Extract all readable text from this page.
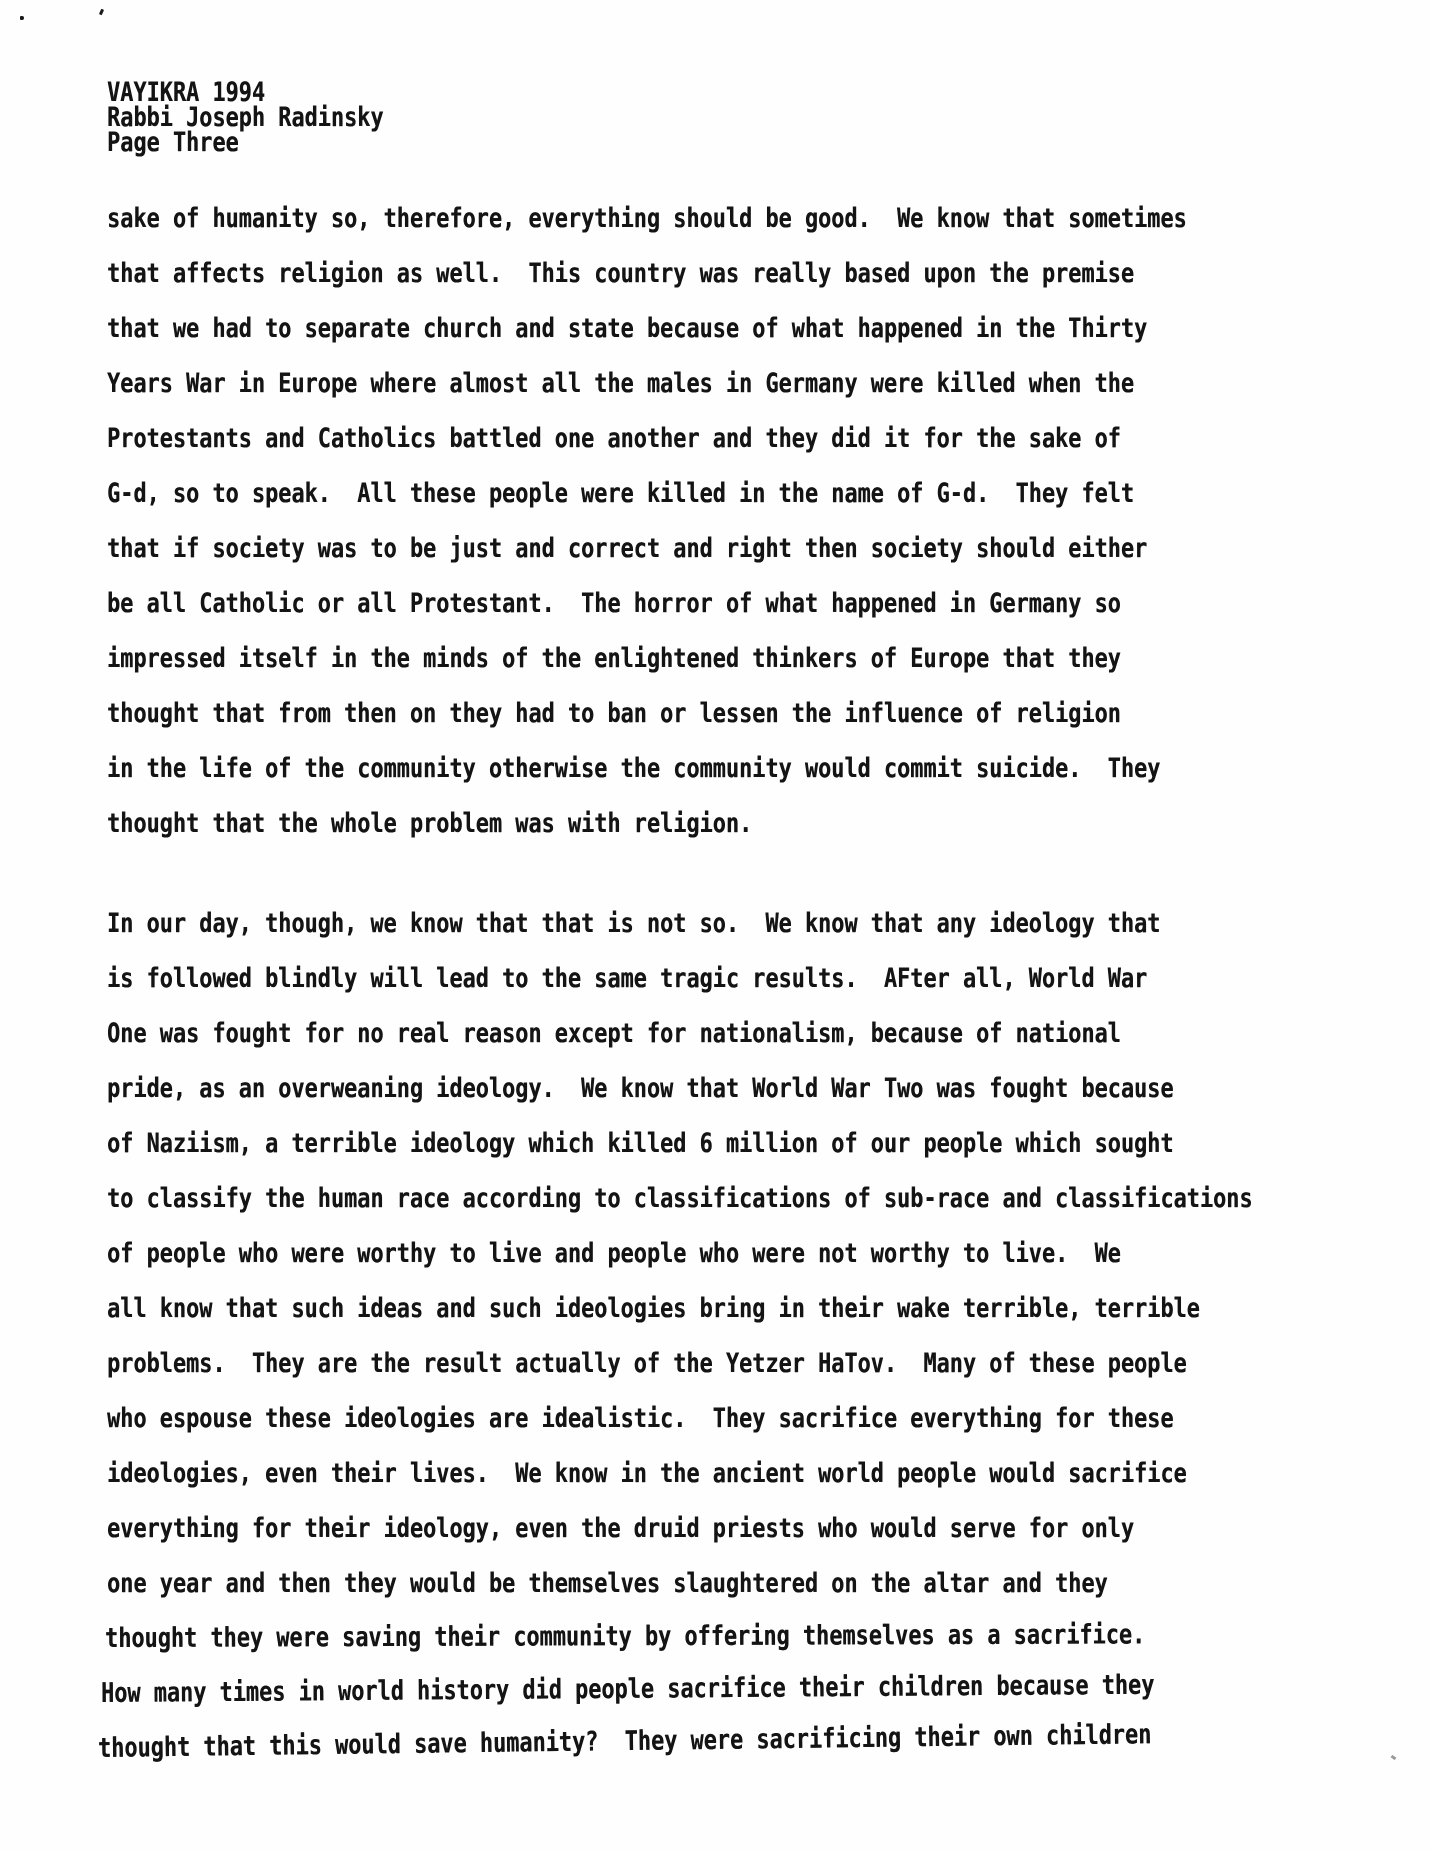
VAYIKRA 1994
Rabbi Joseph Radinsky
Page Three
sake of humanity so, therefore, everything should be good.  We know that sometimes
that affects religion as well.  This country was really based upon the premise
that we had to separate church and state because of what happened in the Thirty
Years War in Europe where almost all the males in Germany were killed when the
Protestants and Catholics battled one another and they did it for the sake of
G-d, so to speak.  All these people were killed in the name of G-d.  They felt
that if society was to be just and correct and right then society should either
be all Catholic or all Protestant.  The horror of what happened in Germany so
impressed itself in the minds of the enlightened thinkers of Europe that they
thought that from then on they had to ban or lessen the influence of religion
in the life of the community otherwise the community would commit suicide.  They
thought that the whole problem was with religion.
In our day, though, we know that that is not so.  We know that any ideology that
is followed blindly will lead to the same tragic results.  AFter all, World War
One was fought for no real reason except for nationalism, because of national
pride, as an overweaning ideology.  We know that World War Two was fought because
of Naziism, a terrible ideology which killed 6 million of our people which sought
to classify the human race according to classifications of sub-race and classifications
of people who were worthy to live and people who were not worthy to live.  We
all know that such ideas and such ideologies bring in their wake terrible, terrible
problems.  They are the result actually of the Yetzer HaTov.  Many of these people
who espouse these ideologies are idealistic.  They sacrifice everything for these
ideologies, even their lives.  We know in the ancient world people would sacrifice
everything for their ideology, even the druid priests who would serve for only
one year and then they would be themselves slaughtered on the altar and they
thought they were saving their community by offering themselves as a sacrifice.
How many times in world history did people sacrifice their children because they
thought that this would save humanity?  They were sacrificing their own children
